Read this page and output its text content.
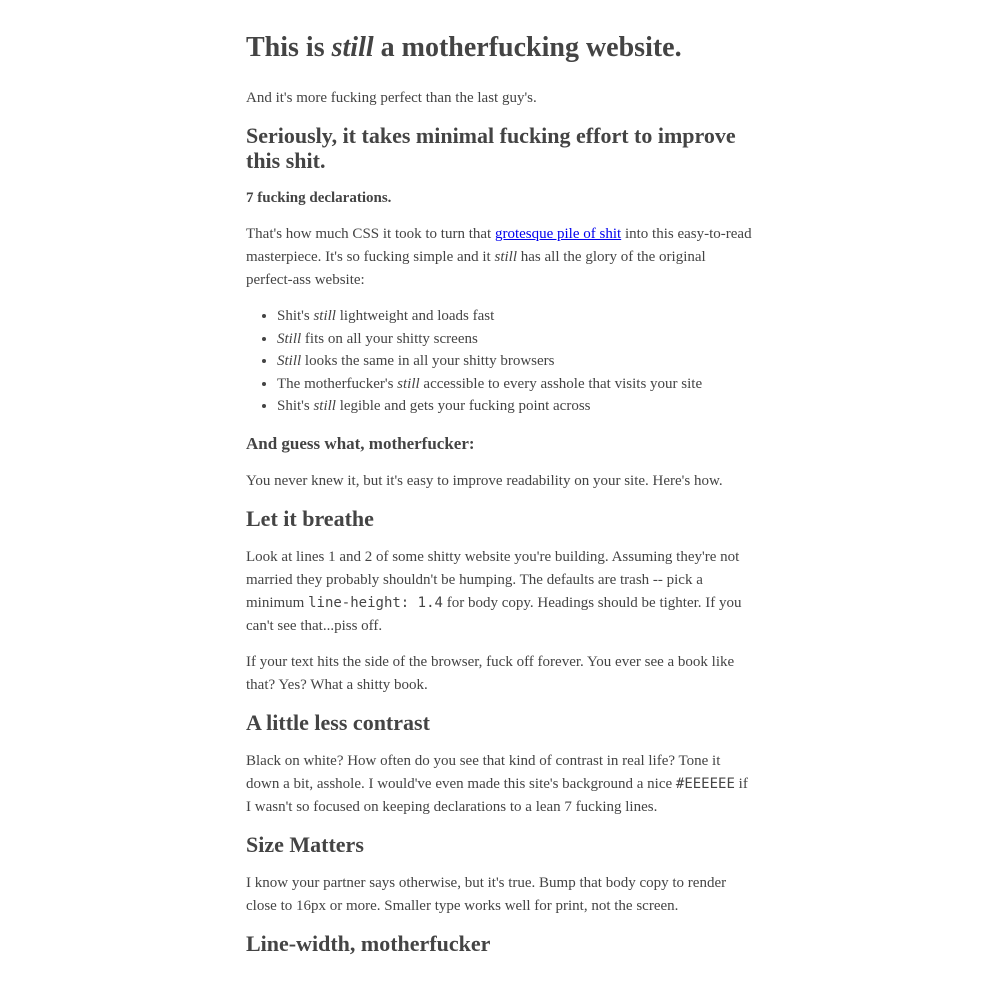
This is still a motherfucking website.

And it's more fucking perfect than the last guy's.

Seriously, it takes minimal fucking effort to improve this shit.
7 fucking declarations.

That's how much CSS it took to turn that grotesque pile of shit into this easy-to-read masterpiece. It's so fucking simple and it still has all the glory of the original perfect-ass website:

• Shit's still lightweight and loads fast
• Still fits on all your shitty screens
• Still looks the same in all your shitty browsers
• The motherfucker's still accessible to every asshole that visits your site
• Shit's still legible and gets your fucking point across
And guess what, motherfucker:

You never knew it, but it's easy to improve readability on your site. Here's how.

Let it breathe

Look at lines 1 and 2 of some shitty website you're building. Assuming they're not married they probably shouldn't be humping. The defaults are trash -- pick a minimum line-height: 1.4 for body copy. Headings should be tighter. If you can't see that...piss off.

If your text hits the side of the browser, fuck off forever. You ever see a book like that? Yes? What a shitty book.

A little less contrast

Black on white? How often do you see that kind of contrast in real life? Tone it down a bit, asshole. I would've even made this site's background a nice #EEEEEE if I wasn't so focused on keeping declarations to a lean 7 fucking lines.

Size Matters

I know your partner says otherwise, but it's true. Bump that body copy to render close to 16px or more. Smaller type works well for print, not the screen.

Line-width, motherfucker
